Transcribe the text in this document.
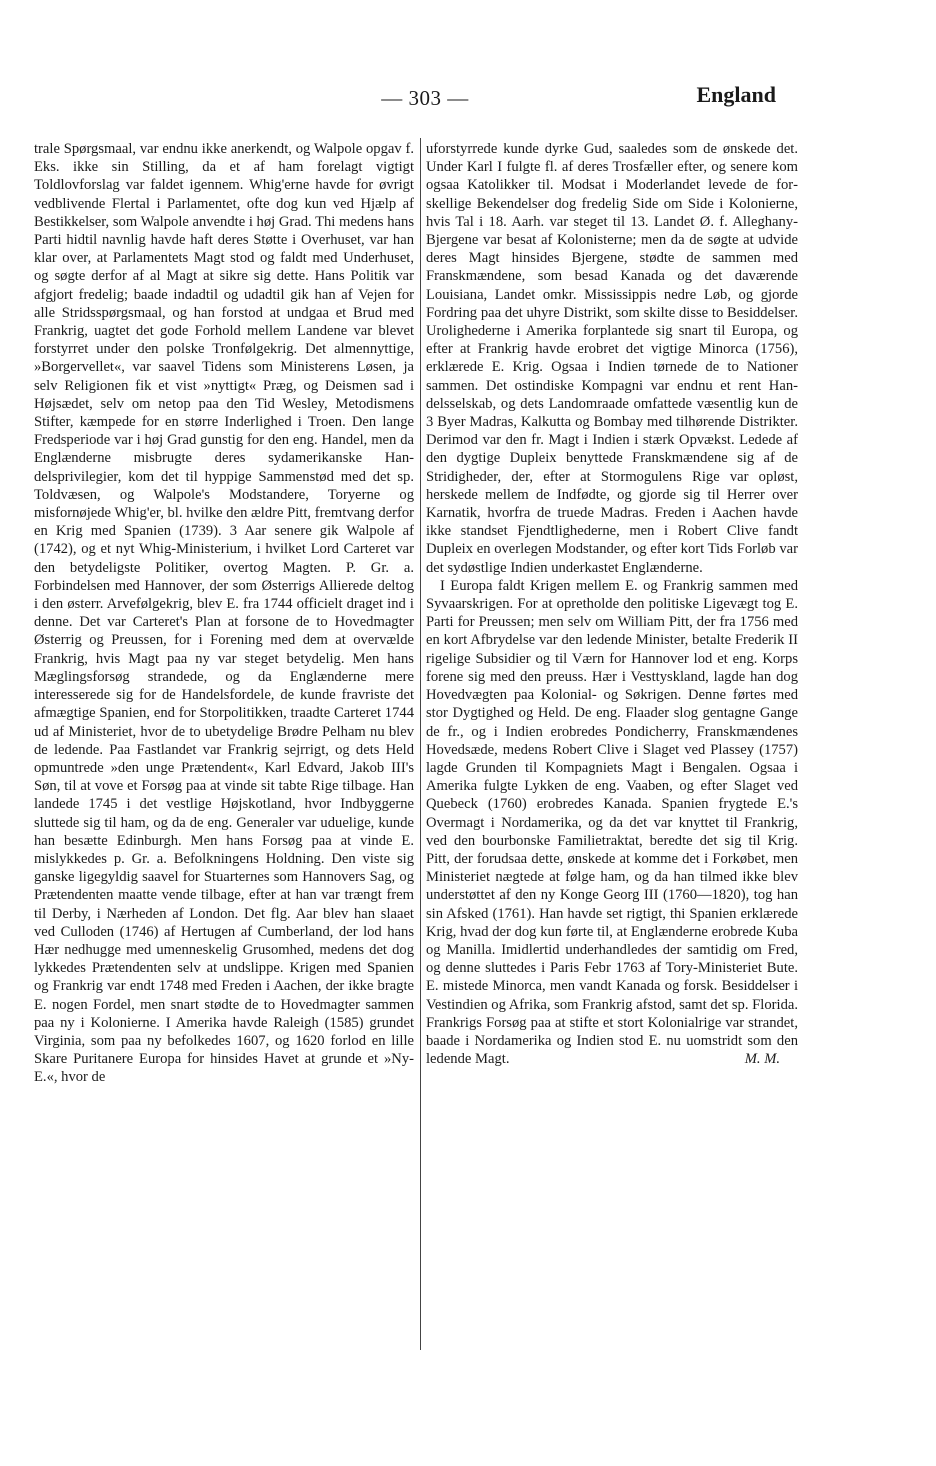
— 303 —	England

trale Spørgsmaal, var endnu ikke anerkendt, og Walpole opgav f. Eks. ikke sin Stilling, da et af ham forelagt vigtigt Toldlovforslag var faldet igennem. Whig'erne havde for øvrigt vedblivende Flertal i Parlamentet, ofte dog kun ved Hjælp af Bestikkelser, som Walpole anvendte i høj Grad. Thi medens hans Parti hidtil navnlig havde haft deres Støtte i Overhuset, var han klar over, at Parlamentets Magt stod og faldt med Underhuset, og søgte derfor af al Magt at sikre sig dette. Hans Politik var afgjort fredelig; baade indadtil og udadtil gik han af Vejen for alle Stridsspørgsmaal, og han forstod at undgaa et Brud med Frankrig, uagtet det gode Forhold mellem Landene var blevet forstyrret under den polske Tronfølgekrig. Det almennyttige, »Borgervellet«, var saavel Tidens som Ministerens Løsen, ja selv Religionen fik et vist »nyttigt« Præg, og Deismen sad i Højsædet, selv om netop paa den Tid Wesley, Metodismens Stifter, kæmpede for en større Inderlighed i Troen. Den lange Fredsperiode var i høj Grad gunstig for den eng. Handel, men da Englænderne misbrugte deres sydamerikanske Handelsprivilegier, kom det til hyppige Sammenstød med det sp. Toldvæsen, og Walpole's Modstandere, Toryerne og misfornøjede Whig'er, bl. hvilke den ældre Pitt, fremtvang derfor en Krig med Spanien (1739). 3 Aar senere gik Walpole af (1742), og et nyt Whig-Ministerium, i hvilket Lord Carteret var den betydeligste Politiker, overtog Magten. P. Gr. a. Forbindelsen med Hannover, der som Østerrigs Allierede deltog i den østerr. Arvefølgekrig, blev E. fra 1744 officielt draget ind i denne. Det var Carteret's Plan at forsone de to Hovedmagter Østerrig og Preussen, for i Forening med dem at overvælde Frankrig, hvis Magt paa ny var steget betydelig. Men hans Mæglingsforsøg strandede, og da Englænderne mere interesserede sig for de Handelsfordele, de kunde fravriste det afmægtige Spanien, end for Storpolitikken, traadte Carteret 1744 ud af Ministeriet, hvor de to ubetydelige Brødre Pelham nu blev de ledende. Paa Fastlandet var Frankrig sejrrigt, og dets Held opmuntrede »den unge Prætendent«, Karl Edvard, Jakob III's Søn, til at vove et Forsøg paa at vinde sit tabte Rige tilbage. Han landede 1745 i det vestlige Højskotland, hvor Indbyggerne sluttede sig til ham, og da de eng. Generaler var uduelige, kunde han besætte Edinburgh. Men hans Forsøg paa at vinde E. mislykkedes p. Gr. a. Befolkningens Holdning. Den viste sig ganske ligegyldig saavel for Stuarternes som Hannovers Sag, og Prætendenten maatte vende tilbage, efter at han var trængt frem til Derby, i Nærheden af London. Det flg. Aar blev han slaaet ved Culloden (1746) af Hertugen af Cumberland, der lod hans Hær nedhugge med umenneskelig Grusomhed, medens det dog lykkedes Prætendenten selv at undslippe. Krigen med Spanien og Frankrig var endt 1748 med Freden i Aachen, der ikke bragte E. nogen Fordel, men snart stødte de to Hovedmagter sammen paa ny i Kolonierne. I Amerika havde Raleigh (1585) grundet Virginia, som paa ny befolkedes 1607, og 1620 forlod en lille Skare Puritanere Europa for hinsides Havet at grunde et »Ny-E.«, hvor de

uforstyrrede kunde dyrke Gud, saaledes som de ønskede det. Under Karl I fulgte fl. af deres Trosfæller efter, og senere kom ogsaa Katolikker til. Modsat i Moderlandet levede de forskellige Bekendelser dog fredelig Side om Side i Kolonierne, hvis Tal i 18. Aarh. var steget til 13. Landet Ø. f. Alleghany-Bjergene var besat af Kolonisterne; men da de søgte at udvide deres Magt hinsides Bjergene, stødte de sammen med Franskmændene, som besad Kanada og det daværende Louisiana, Landet omkr. Mississippis nedre Løb, og gjorde Fordring paa det uhyre Distrikt, som skilte disse to Besiddelser. Urolighederne i Amerika forplantede sig snart til Europa, og efter at Frankrig havde erobret det vigtige Minorca (1756), erklærede E. Krig. Ogsaa i Indien tørnede de to Nationer sammen. Det ostindiske Kompagni var endnu et rent Handelsselskab, og dets Landomraade omfattede væsentlig kun de 3 Byer Madras, Kalkutta og Bombay med tilhørende Distrikter. Derimod var den fr. Magt i Indien i stærk Opvækst. Ledede af den dygtige Dupleix benyttede Franskmændene sig af de Stridigheder, der, efter at Stormogulens Rige var opløst, herskede mellem de Indfødte, og gjorde sig til Herrer over Karnatik, hvorfra de truede Madras. Freden i Aachen havde ikke standset Fjendtlighederne, men i Robert Clive fandt Dupleix en overlegen Modstander, og efter kort Tids Forløb var det sydøstlige Indien underkastet Englænderne.

I Europa faldt Krigen mellem E. og Frankrig sammen med Syvaarskrigen. For at opretholde den politiske Ligevægt tog E. Parti for Preussen; men selv om William Pitt, der fra 1756 med en kort Afbrydelse var den ledende Minister, betalte Frederik II rigelige Subsidier og til Værn for Hannover lod et eng. Korps forene sig med den preuss. Hær i Vesttyskland, lagde han dog Hovedvægten paa Kolonial- og Søkrigen. Denne førtes med stor Dygtighed og Held. De eng. Flaader slog gentagne Gange de fr., og i Indien erobredes Pondicherry, Franskmændenes Hovedsæde, medens Robert Clive i Slaget ved Plassey (1757) lagde Grunden til Kompagniets Magt i Bengalen. Ogsaa i Amerika fulgte Lykken de eng. Vaaben, og efter Slaget ved Quebeck (1760) erobredes Kanada. Spanien frygtede E.'s Overmagt i Nordamerika, og da det var knyttet til Frankrig, ved den bourbonske Familietraktat, beredte det sig til Krig. Pitt, der forudsaa dette, ønskede at komme det i Forkøbet, men Ministeriet nægtede at følge ham, og da han tilmed ikke blev understøttet af den ny Konge Georg III (1760—1820), tog han sin Afsked (1761). Han havde set rigtigt, thi Spanien erklærede Krig, hvad der dog kun førte til, at Englænderne erobrede Kuba og Manilla. Imidlertid underhandledes der samtidig om Fred, og denne sluttedes i Paris Febr 1763 af Tory-Ministeriet Bute. E. mistede Minorca, men vandt Kanada og forsk. Besiddelser i Vestindien og Afrika, som Frankrig afstod, samt det sp. Florida. Frankrigs Forsøg paa at stifte et stort Kolonialrige var strandet, baade i Nordamerika og Indien stod E. nu uomstridt som den ledende Magt.	M. M.
